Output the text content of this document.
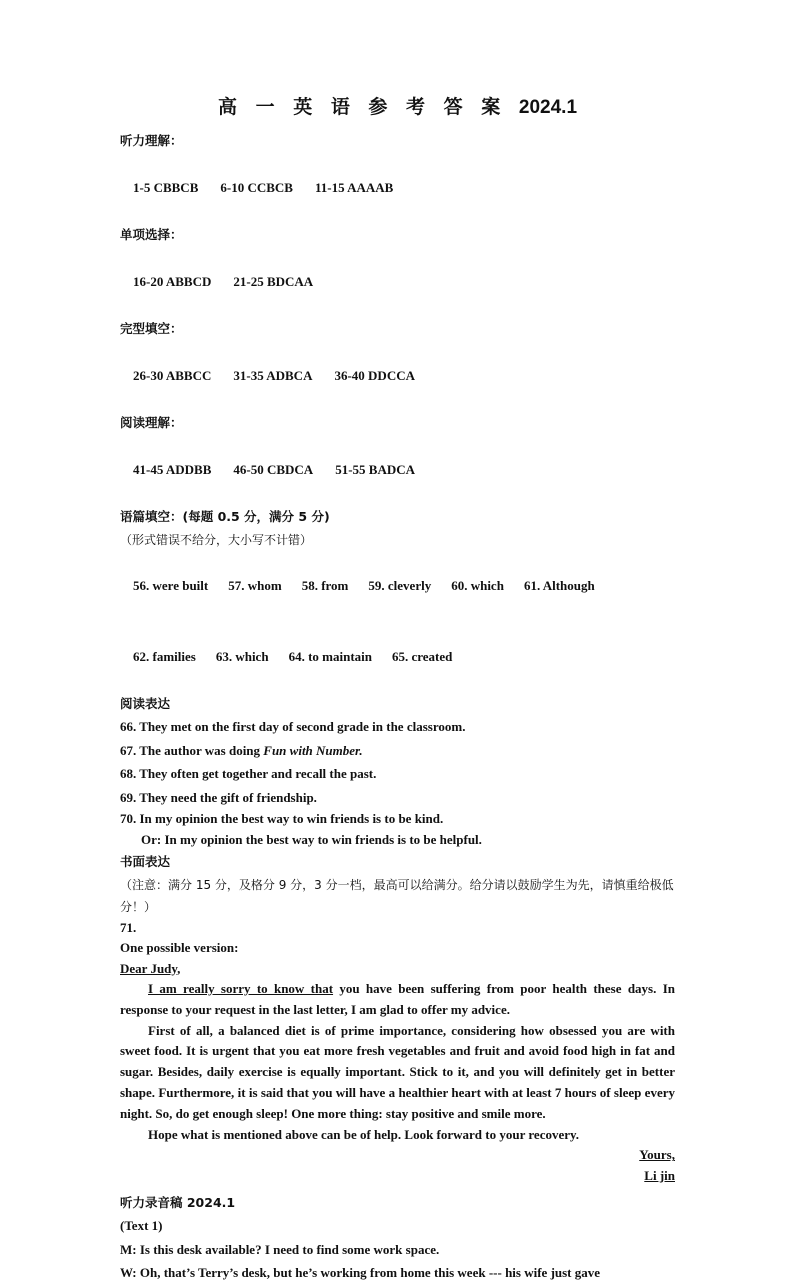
高 一 英 语 参 考 答 案 2024.1
听力理解：

1-5 CBBCB 6-10 CCBCB 11-15 AAAAB

单项选择：

16-20 ABBCD 21-25 BDCAA

完型填空：

26-30 ABBCC 31-35 ADBCA 36-40 DDCCA

阅读理解：

41-45 ADDBB 46-50 CBDCA 51-55 BADCA

语篇填空：(每题 0.5 分，满分 5 分)
（形式错误不给分，大小写不计错）

56. were built 57. whom 58. from 59. cleverly 60. which 61. Although

62. families 63. which 64. to maintain 65. created

阅读表达
66. They met on the first day of second grade in the classroom.
67. The author was doing Fun with Number.
68. They often get together and recall the past.
69. They need the gift of friendship.
70. In my opinion the best way to win friends is to be kind.
Or: In my opinion the best way to win friends is to be helpful.
书面表达
（注意：满分 15 分，及格分 9 分，3 分一档，最高可以给满分。给分请以鼓励学生为先，请慎重给极低分！）
71.
One possible version:
Dear Judy,

I am really sorry to know that you have been suffering from poor health these days. In response to your request in the last letter, I am glad to offer my advice.

First of all, a balanced diet is of prime importance, considering how obsessed you are with sweet food. It is urgent that you eat more fresh vegetables and fruit and avoid food high in fat and sugar. Besides, daily exercise is equally important. Stick to it, and you will definitely get in better shape. Furthermore, it is said that you will have a healthier heart with at least 7 hours of sleep every night. So, do get enough sleep! One more thing: stay positive and smile more.

Hope what is mentioned above can be of help. Look forward to your recovery.

Yours,
Li jin
听力录音稿 2024.1
(Text 1)
M: Is this desk available? I need to find some work space.
W: Oh, that’s Terry’s desk, but he’s working from home this week --- his wife just gave
